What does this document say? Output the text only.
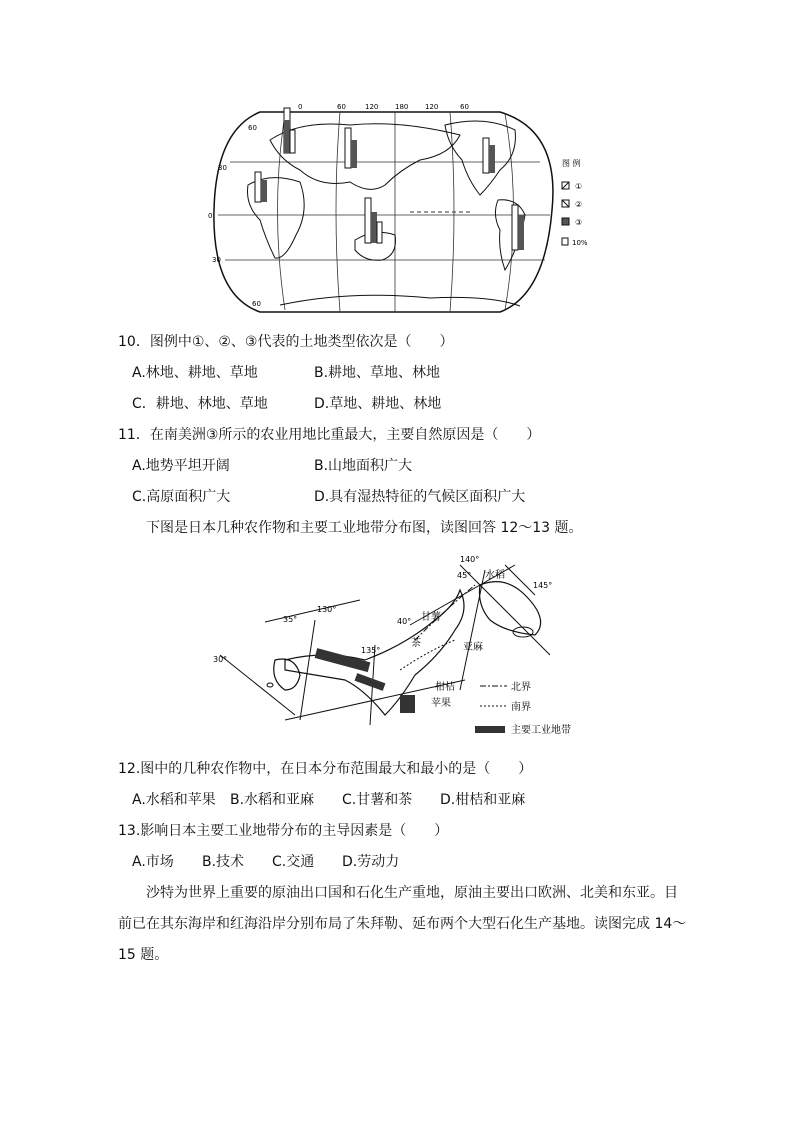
0	60	120 180 120	60
60
30
0
30
60
图 例
①
②
③
10%
10．图例中①、②、③代表的土地类型依次是（　　）
A.林地、耕地、草地	B.耕地、草地、林地
C．耕地、林地、草地	D.草地、耕地、林地
11．在南美洲③所示的农业用地比重最大，主要自然原因是（　　）
A.地势平坦开阔	B.山地面积广大
C.高原面积广大	D.具有湿热特征的气候区面积广大
下图是日本几种农作物和主要工业地带分布图，读图回答 12～13 题。
140°
145°
130°
135°
45°
40°
35°
30°
水稻
甘薯
茶	亚麻
柑桔
苹果
北界
南界
主要工业地带
12.图中的几种农作物中，在日本分布范围最大和最小的是（　　）
A.水稻和苹果 B.水稻和亚麻 C.甘薯和茶 D.柑桔和亚麻
13.影响日本主要工业地带分布的主导因素是（　　）
A.市场 B.技术 C.交通 D.劳动力
沙特为世界上重要的原油出口国和石化生产重地，原油主要出口欧洲、北美和东亚。目
前已在其东海岸和红海沿岸分别布局了朱拜勒、延布两个大型石化生产基地。读图完成 14～
15 题。
